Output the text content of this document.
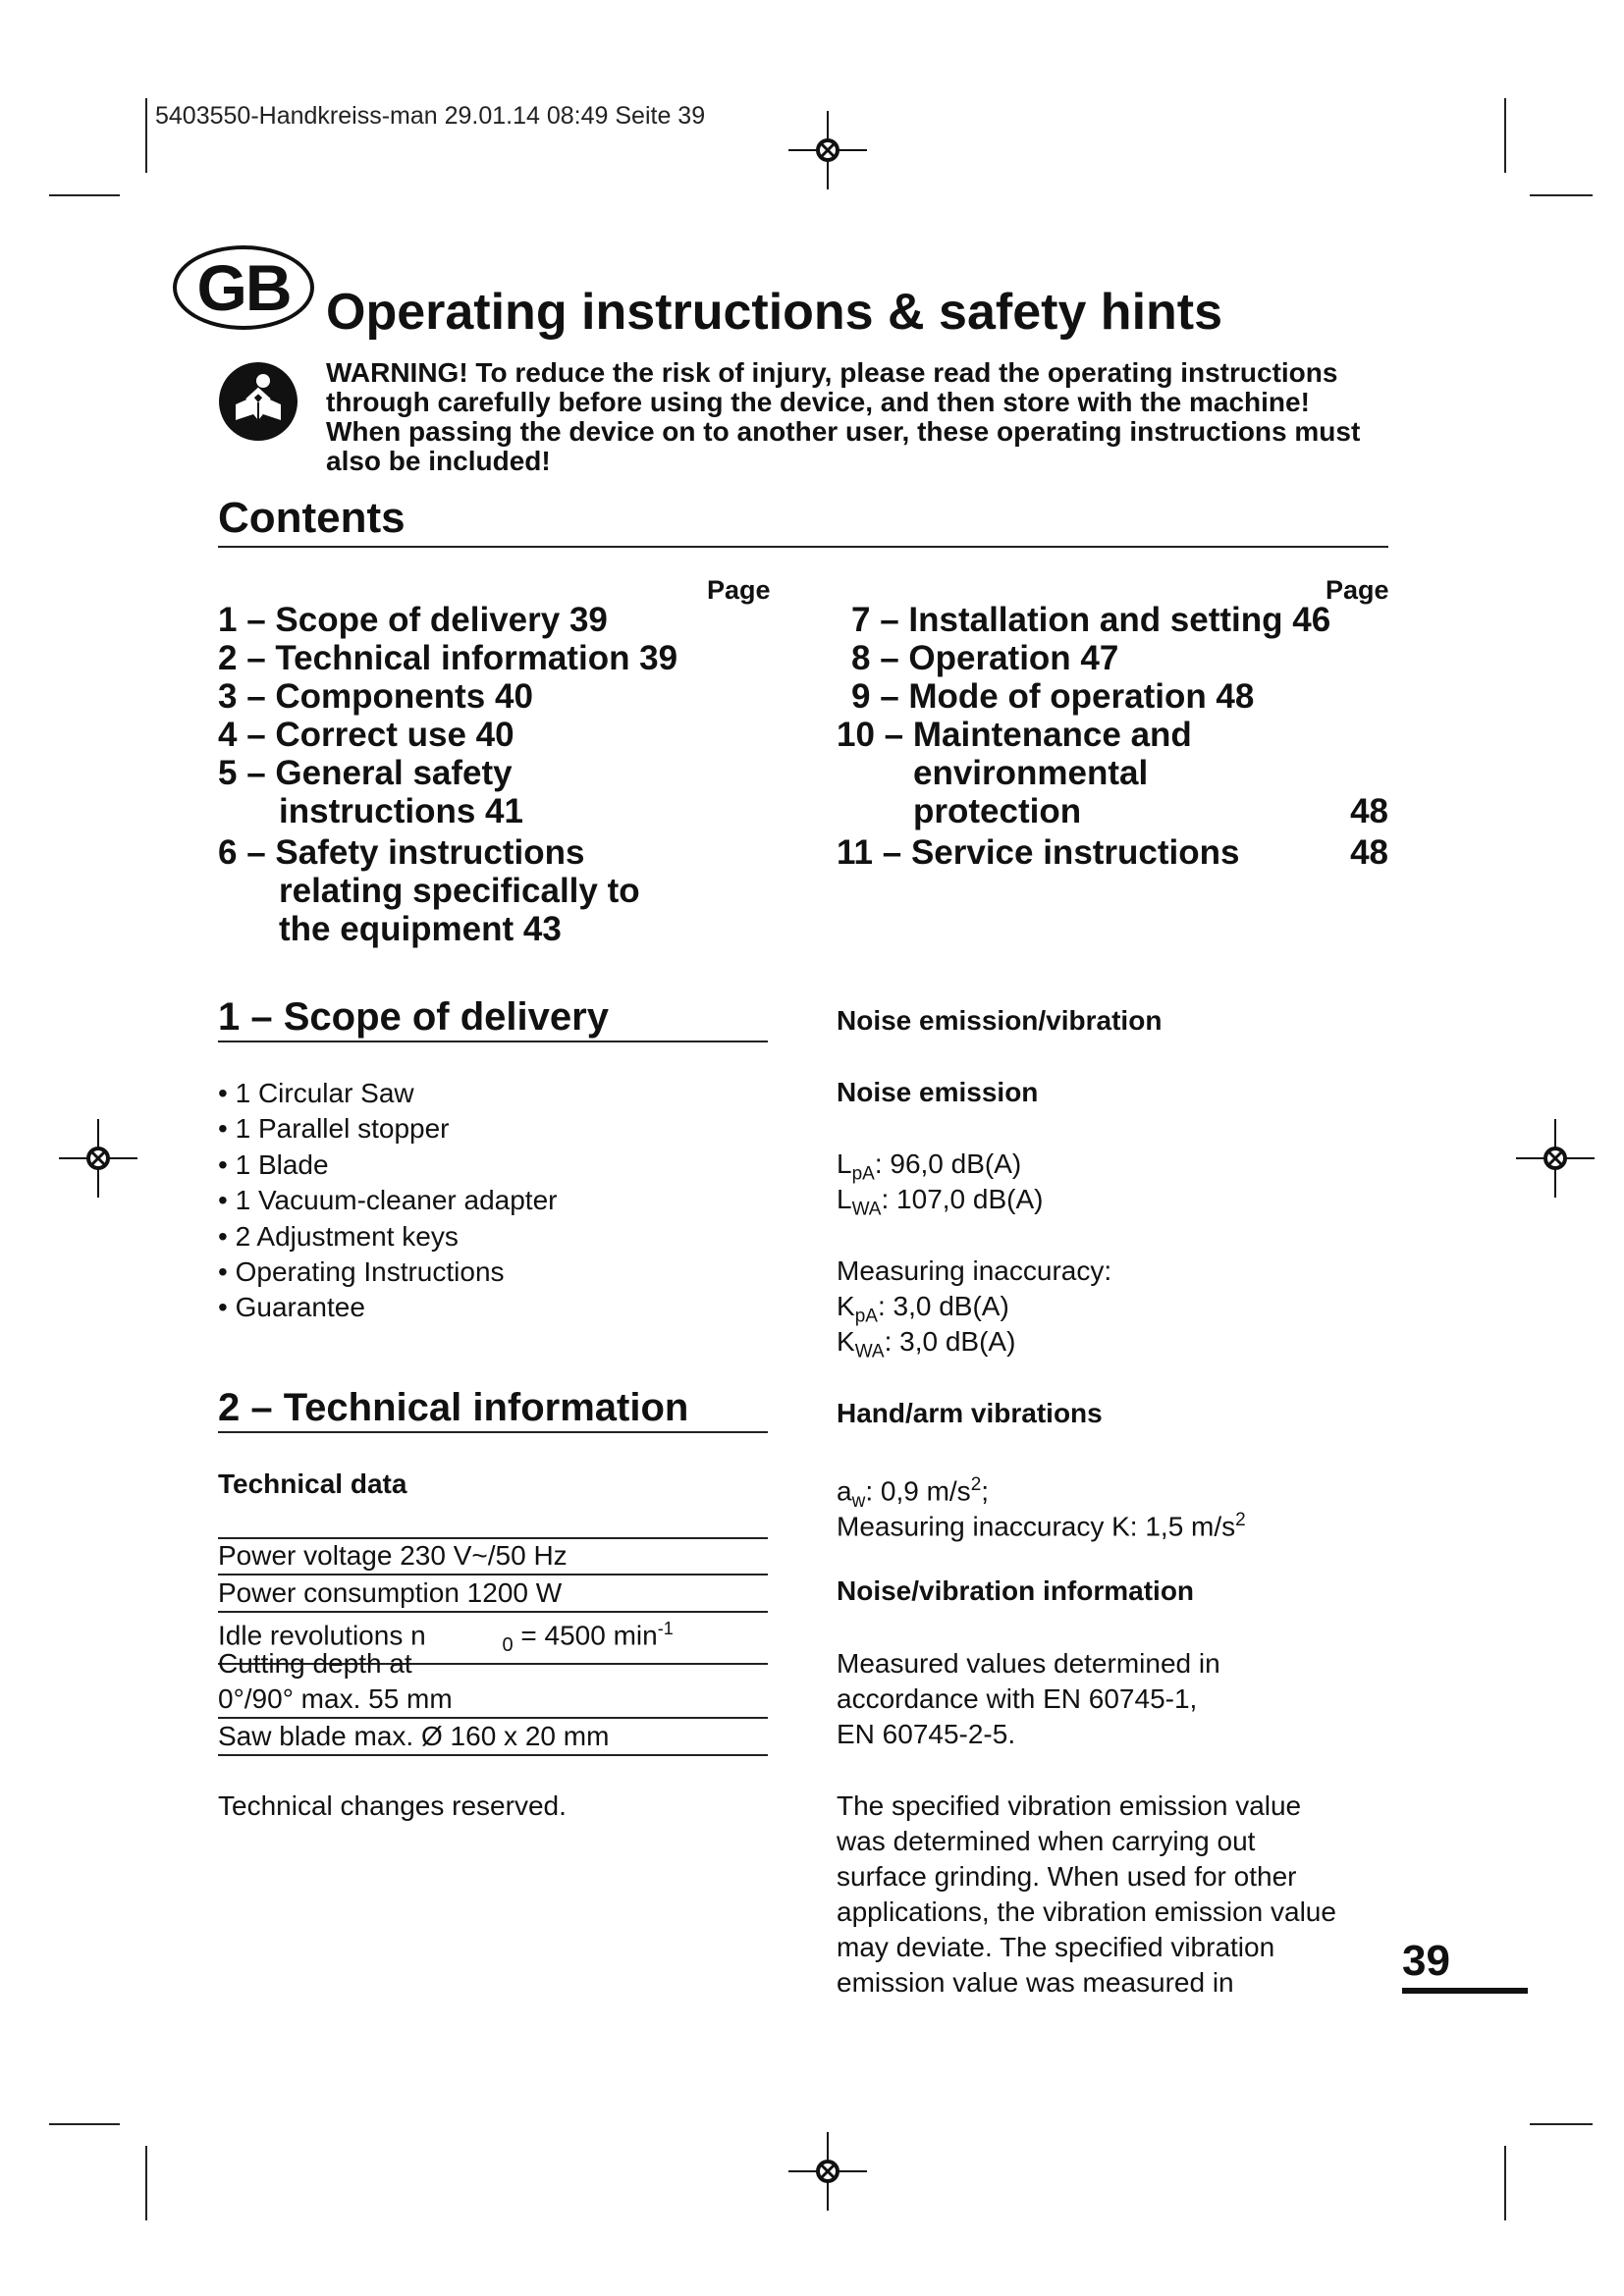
5403550-Handkreiss-man 29.01.14 08:49 Seite 39
GB Operating instructions & safety hints
WARNING! To reduce the risk of injury, please read the operating instructions through carefully before using the device, and then store with the machine! When passing the device on to another user, these operating instructions must also be included!
Contents
Page	Page
1 – Scope of delivery 39
2 – Technical information 39
3 – Components 40
4 – Correct use 40
5 – General safety
instructions 41
6 – Safety instructions
relating specifically to
the equipment 43
7 – Installation and setting 46
8 – Operation 47
9 – Mode of operation 48
10 – Maintenance and
environmental
protection	48
11 – Service instructions	48
1 – Scope of delivery
• 1 Circular Saw
• 1 Parallel stopper
• 1 Blade
• 1 Vacuum-cleaner adapter
• 2 Adjustment keys
• Operating Instructions
• Guarantee
2 – Technical information
Technical data
Power voltage 230 V~/50 Hz
Power consumption 1200 W
Idle revolutions n	$_0$ = 4500 $\min^{-1}$
Cutting depth at
0°/90° max. 55 mm
Saw blade max. Ø 160 x 20 mm
Technical changes reserved.
Noise emission/vibration
Noise emission
$L_{pA}$: 96,0 dB(A)
$L_{WA}$: 107,0 dB(A)
Measuring inaccuracy:
$K_{pA}$: 3,0 dB(A)
$K_{WA}$: 3,0 dB(A)
Hand/arm vibrations
$a_w$: 0,9 $m/s^2$;
Measuring inaccuracy K: 1,5 $m/s^2$
Noise/vibration information
Measured values determined in
accordance with EN 60745-1,
EN 60745-2-5.
The specified vibration emission value
was determined when carrying out
surface grinding. When used for other
applications, the vibration emission value
may deviate. The specified vibration
emission value was measured in	39
